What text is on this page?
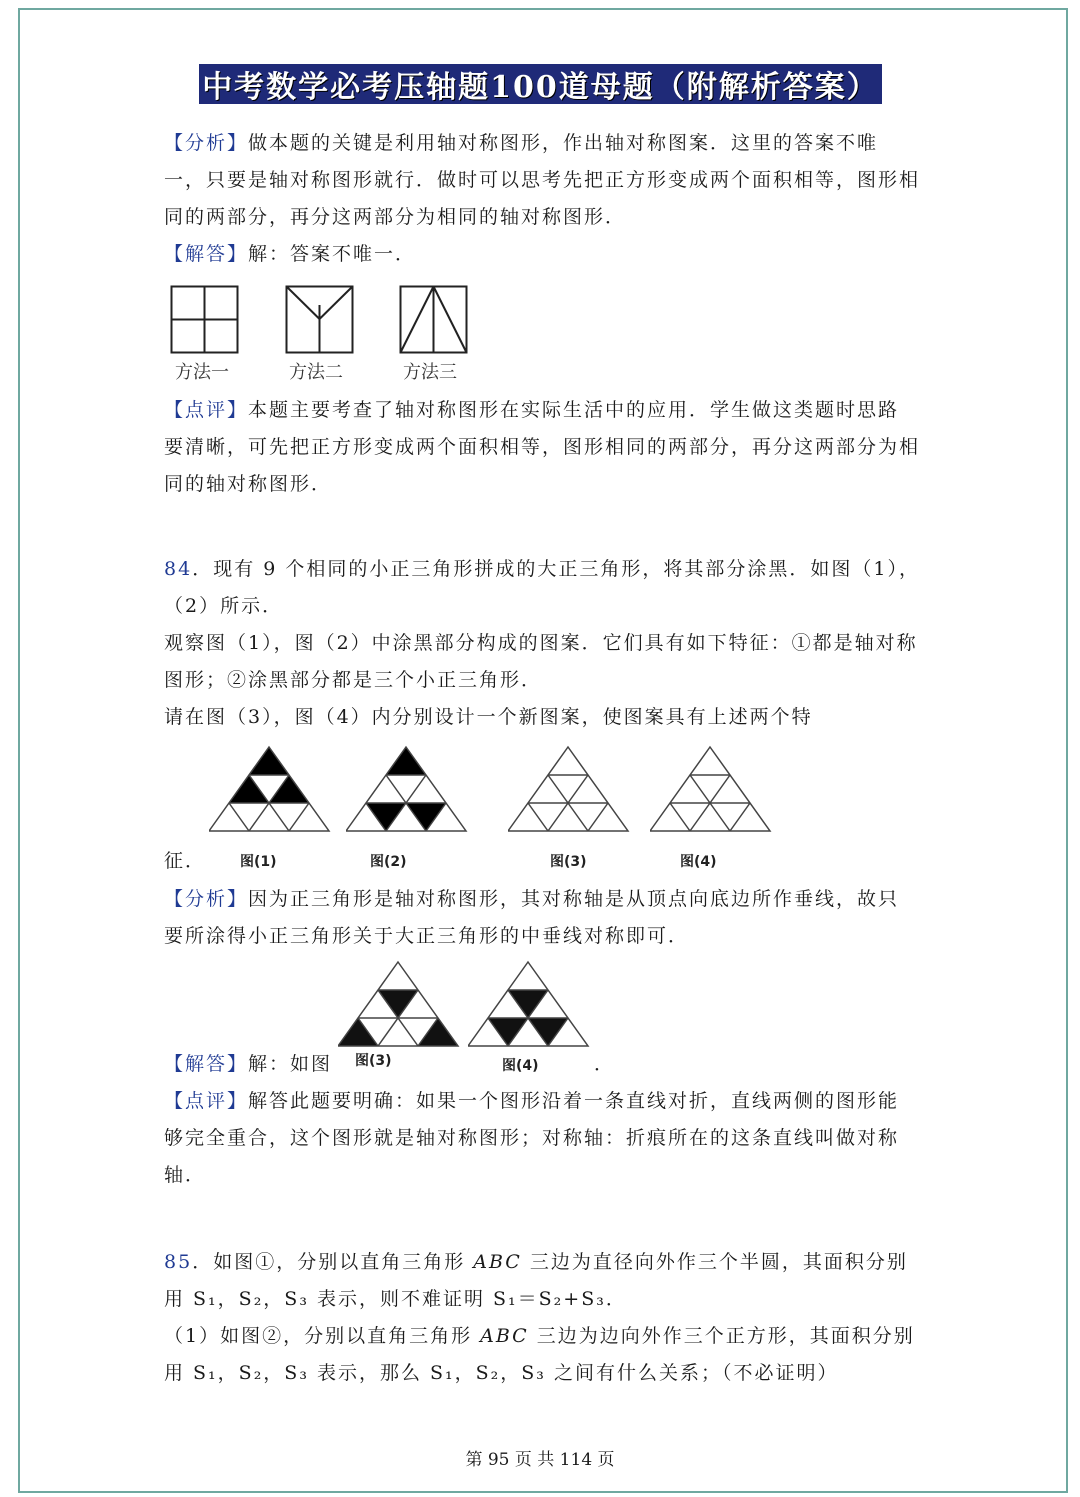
中考数学必考压轴题100道母题（附解析答案）
【分析】做本题的关键是利用轴对称图形，作出轴对称图案．这里的答案不唯一，只要是轴对称图形就行．做时可以思考先把正方形变成两个面积相等，图形相同的两部分，再分这两部分为相同的轴对称图形．
【解答】解：答案不唯一．
方法一	方法二	方法三
【点评】本题主要考查了轴对称图形在实际生活中的应用．学生做这类题时思路要清晰，可先把正方形变成两个面积相等，图形相同的两部分，再分这两部分为相同的轴对称图形．
84．现有 9 个相同的小正三角形拼成的大正三角形，将其部分涂黑．如图（1），（2）所示．
观察图（1），图（2）中涂黑部分构成的图案．它们具有如下特征：①都是轴对称图形；②涂黑部分都是三个小正三角形．
请在图（3），图（4）内分别设计一个新图案，使图案具有上述两个特
征．	图(1)	图(2)	图(3)	图(4)
【分析】因为正三角形是轴对称图形，其对称轴是从顶点向底边所作垂线，故只要所涂得小正三角形关于大正三角形的中垂线对称即可．
【解答】解：如图	图(3)	图(4)	．
【点评】解答此题要明确：如果一个图形沿着一条直线对折，直线两侧的图形能够完全重合，这个图形就是轴对称图形；对称轴：折痕所在的这条直线叫做对称轴．
85．如图①，分别以直角三角形 ABC 三边为直径向外作三个半圆，其面积分别
用 S₁，S₂，S₃ 表示，则不难证明 S₁＝S₂+S₃．
（1）如图②，分别以直角三角形 ABC 三边为边向外作三个正方形，其面积分别
用 S₁，S₂，S₃ 表示，那么 S₁，S₂，S₃ 之间有什么关系；（不必证明）
第 95 页 共 114 页
